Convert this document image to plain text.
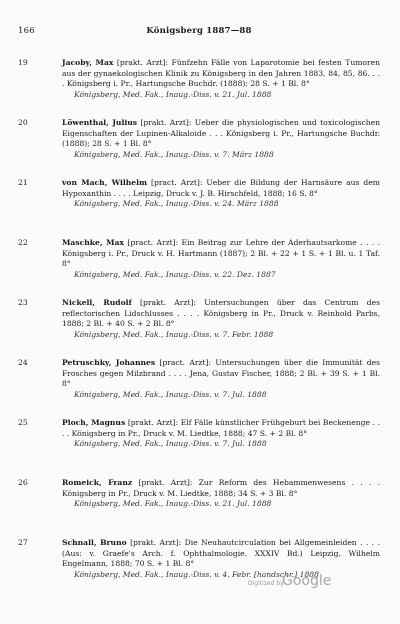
166	Königsberg 1887—88
19	Jacoby, Max [prakt. Arzt]: Fünfzehn Fälle von Laparotomie bei festen Tumoren aus der gynaekologischen Klinik zu Königsberg in den Jahren 1883, 84, 85, 86. . . . Königsberg i. Pr., Hartungsche Buchdr. (1888); 28 S. + 1 Bl. 8°
Königsberg, Med. Fak., Inaug.-Diss. v. 21. Jul. 1888
20	Löwenthal, Julius [prakt. Arzt]: Ueber die physiologischen und toxicologischen Eigenschaften der Lupinen-Alkaloide . . . Königsberg i. Pr., Hartungsche Buchdr. (1888); 28 S. + 1 Bl. 8°
Königsberg, Med. Fak., Inaug.-Diss. v. 7. März 1888
21	von Mach, Wilhelm [pract. Arzt]: Ueber die Bildung der Harnsäure aus dem Hypoxanthin . . . . Leipzig, Druck v. J. B. Hirschfeld, 1888; 16 S. 8°
Königsberg, Med. Fak., Inaug.-Diss. v. 24. März 1888
22	Maschke, Max [pract. Arzt]: Ein Beitrag zur Lehre der Aderhautsarkome . . . . Königsberg i. Pr., Druck v. H. Hartmann (1887); 2 Bl. + 22 + 1 S. + 1 Bl. u. 1 Taf. 8°
Königsberg, Med. Fak., Inaug.-Diss. v. 22. Dez. 1887
23	Nickell, Rudolf [prakt. Arzt]: Untersuchungen über das Centrum des reflectorischen Lidschlusses . . . . Königsberg in Pr., Druck v. Reinhold Parbs, 1888; 2 Bl. + 40 S. + 2 Bl. 8°
Königsberg, Med. Fak., Inaug.-Diss. v. 7. Febr. 1888
24	Petruschky, Johannes [pract. Arzt]: Untersuchungen über die Immunität des Frosches gegen Milzbrand . . . . Jena, Gustav Fischer, 1888; 2 Bl. + 39 S. + 1 Bl. 8°
Königsberg, Med. Fak., Inaug.-Diss. v. 7. Jul. 1888
25	Ploch, Magnus [prakt. Arzt]: Elf Fälle künstlicher Frühgeburt bei Beckenenge . . . . Königsberg in Pr., Druck v. M. Liedtke, 1888; 47 S. + 2 Bl. 8°
Königsberg, Med. Fak., Inaug.-Diss. v. 7. Jul. 1888
26	Romeick, Franz [prakt. Arzt]: Zur Reform des Hebammenwesens . . . . Königsberg in Pr., Druck v. M. Liedtke, 1888; 34 S. + 3 Bl. 8°
Königsberg, Med. Fak., Inaug.-Diss. v. 21. Jul. 1888
27	Schnall, Bruno [prakt. Arzt]: Die Neuhautcirculation bei Allgemeinleiden . . . . (Aus: v. Graefe's Arch. f. Ophthalmologie. XXXIV Bd.) Leipzig, Wilhelm Engelmann, 1888; 70 S. + 1 Bl. 8°
Königsberg, Med. Fak., Inaug.-Diss. v. 4. Febr. [handschr.] 1888
Digitized by
Google
